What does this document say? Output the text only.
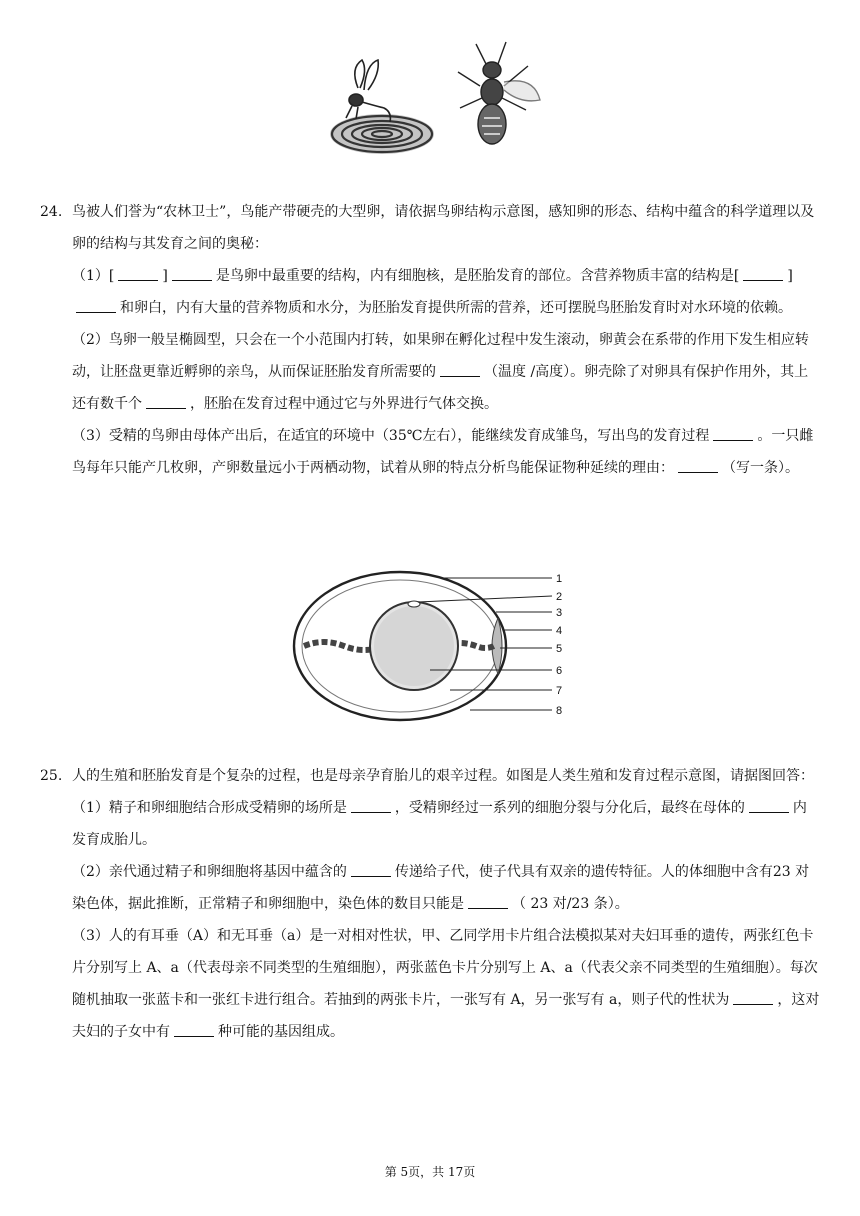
24. 鸟被人们誉为“农林卫士”，鸟能产带硬壳的大型卵，请依据鸟卵结构示意图，感知卵的形态、结构中蕴含的科学道理以及卵的结构与其发育之间的奥秘：

（1）[	]	是鸟卵中最重要的结构，内有细胞核，是胚胎发育的部位。含营养物质丰富的结构是[	]和卵白，内有大量的营养物质和水分，为胚胎发育提供所需的营养，还可摆脱鸟胚胎发育时对水环境的依赖。

（2）鸟卵一般呈椭圆型，只会在一个小范围内打转，如果卵在孵化过程中发生滚动，卵黄会在系带的作用下发生相应转动，让胚盘更靠近孵卵的亲鸟，从而保证胚胎发育所需要的	（温度 /高度）。卵壳除了对卵具有保护作用外，其上还有数千个	，胚胎在发育过程中通过它与外界进行气体交换。

（3）受精的鸟卵由母体产出后，在适宜的环境中（35℃左右），能继续发育成雏鸟，写出鸟的发育过程	。一只雌鸟每年只能产几枚卵，产卵数量远小于两栖动物，试着从卵的特点分析鸟能保证物种延续的理由：	（写一条）。

1
2
3
4
5
6
7
8
25. 人的生殖和胚胎发育是个复杂的过程，也是母亲孕育胎儿的艰辛过程。如图是人类生殖和发育过程示意图，请据图回答：

（1）精子和卵细胞结合形成受精卵的场所是	，受精卵经过一系列的细胞分裂与分化后，最终在母体的	内发育成胎儿。

（2）亲代通过精子和卵细胞将基因中蕴含的	传递给子代，使子代具有双亲的遗传特征。人的体细胞中含有23 对染色体，据此推断，正常精子和卵细胞中，染色体的数目只能是	（ 23 对/23 条）。

（3）人的有耳垂（A）和无耳垂（a）是一对相对性状，甲、乙同学用卡片组合法模拟某对夫妇耳垂的遗传，两张红色卡片分别写上 A、a（代表母亲不同类型的生殖细胞），两张蓝色卡片分别写上 A、a（代表父亲不同类型的生殖细胞）。每次随机抽取一张蓝卡和一张红卡进行组合。若抽到的两张卡片，一张写有 A，另一张写有 a，则子代的性状为	，这对夫妇的子女中有	种可能的基因组成。

第 5页，共 17页
